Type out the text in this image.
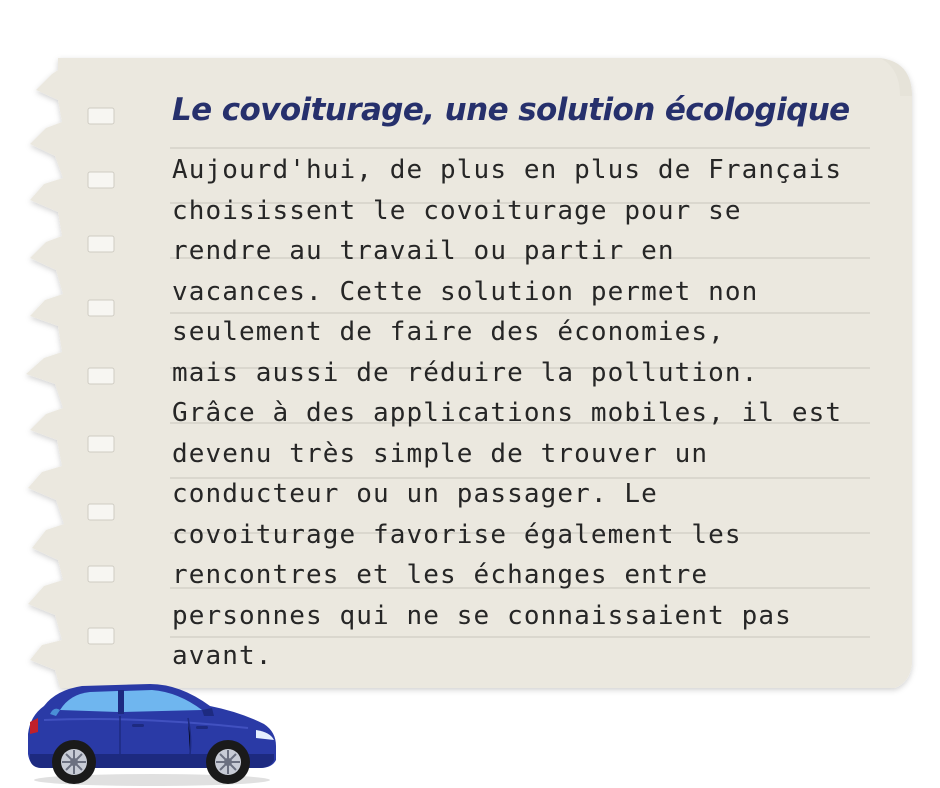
Le covoiturage, une solution écologique
Aujourd'hui, de plus en plus de Français
choisissent le covoiturage pour se
rendre au travail ou partir en
vacances. Cette solution permet non
seulement de faire des économies,
mais aussi de réduire la pollution.
Grâce à des applications mobiles, il est
devenu très simple de trouver un
conducteur ou un passager. Le
covoiturage favorise également les
rencontres et les échanges entre
personnes qui ne se connaissaient pas
avant.
